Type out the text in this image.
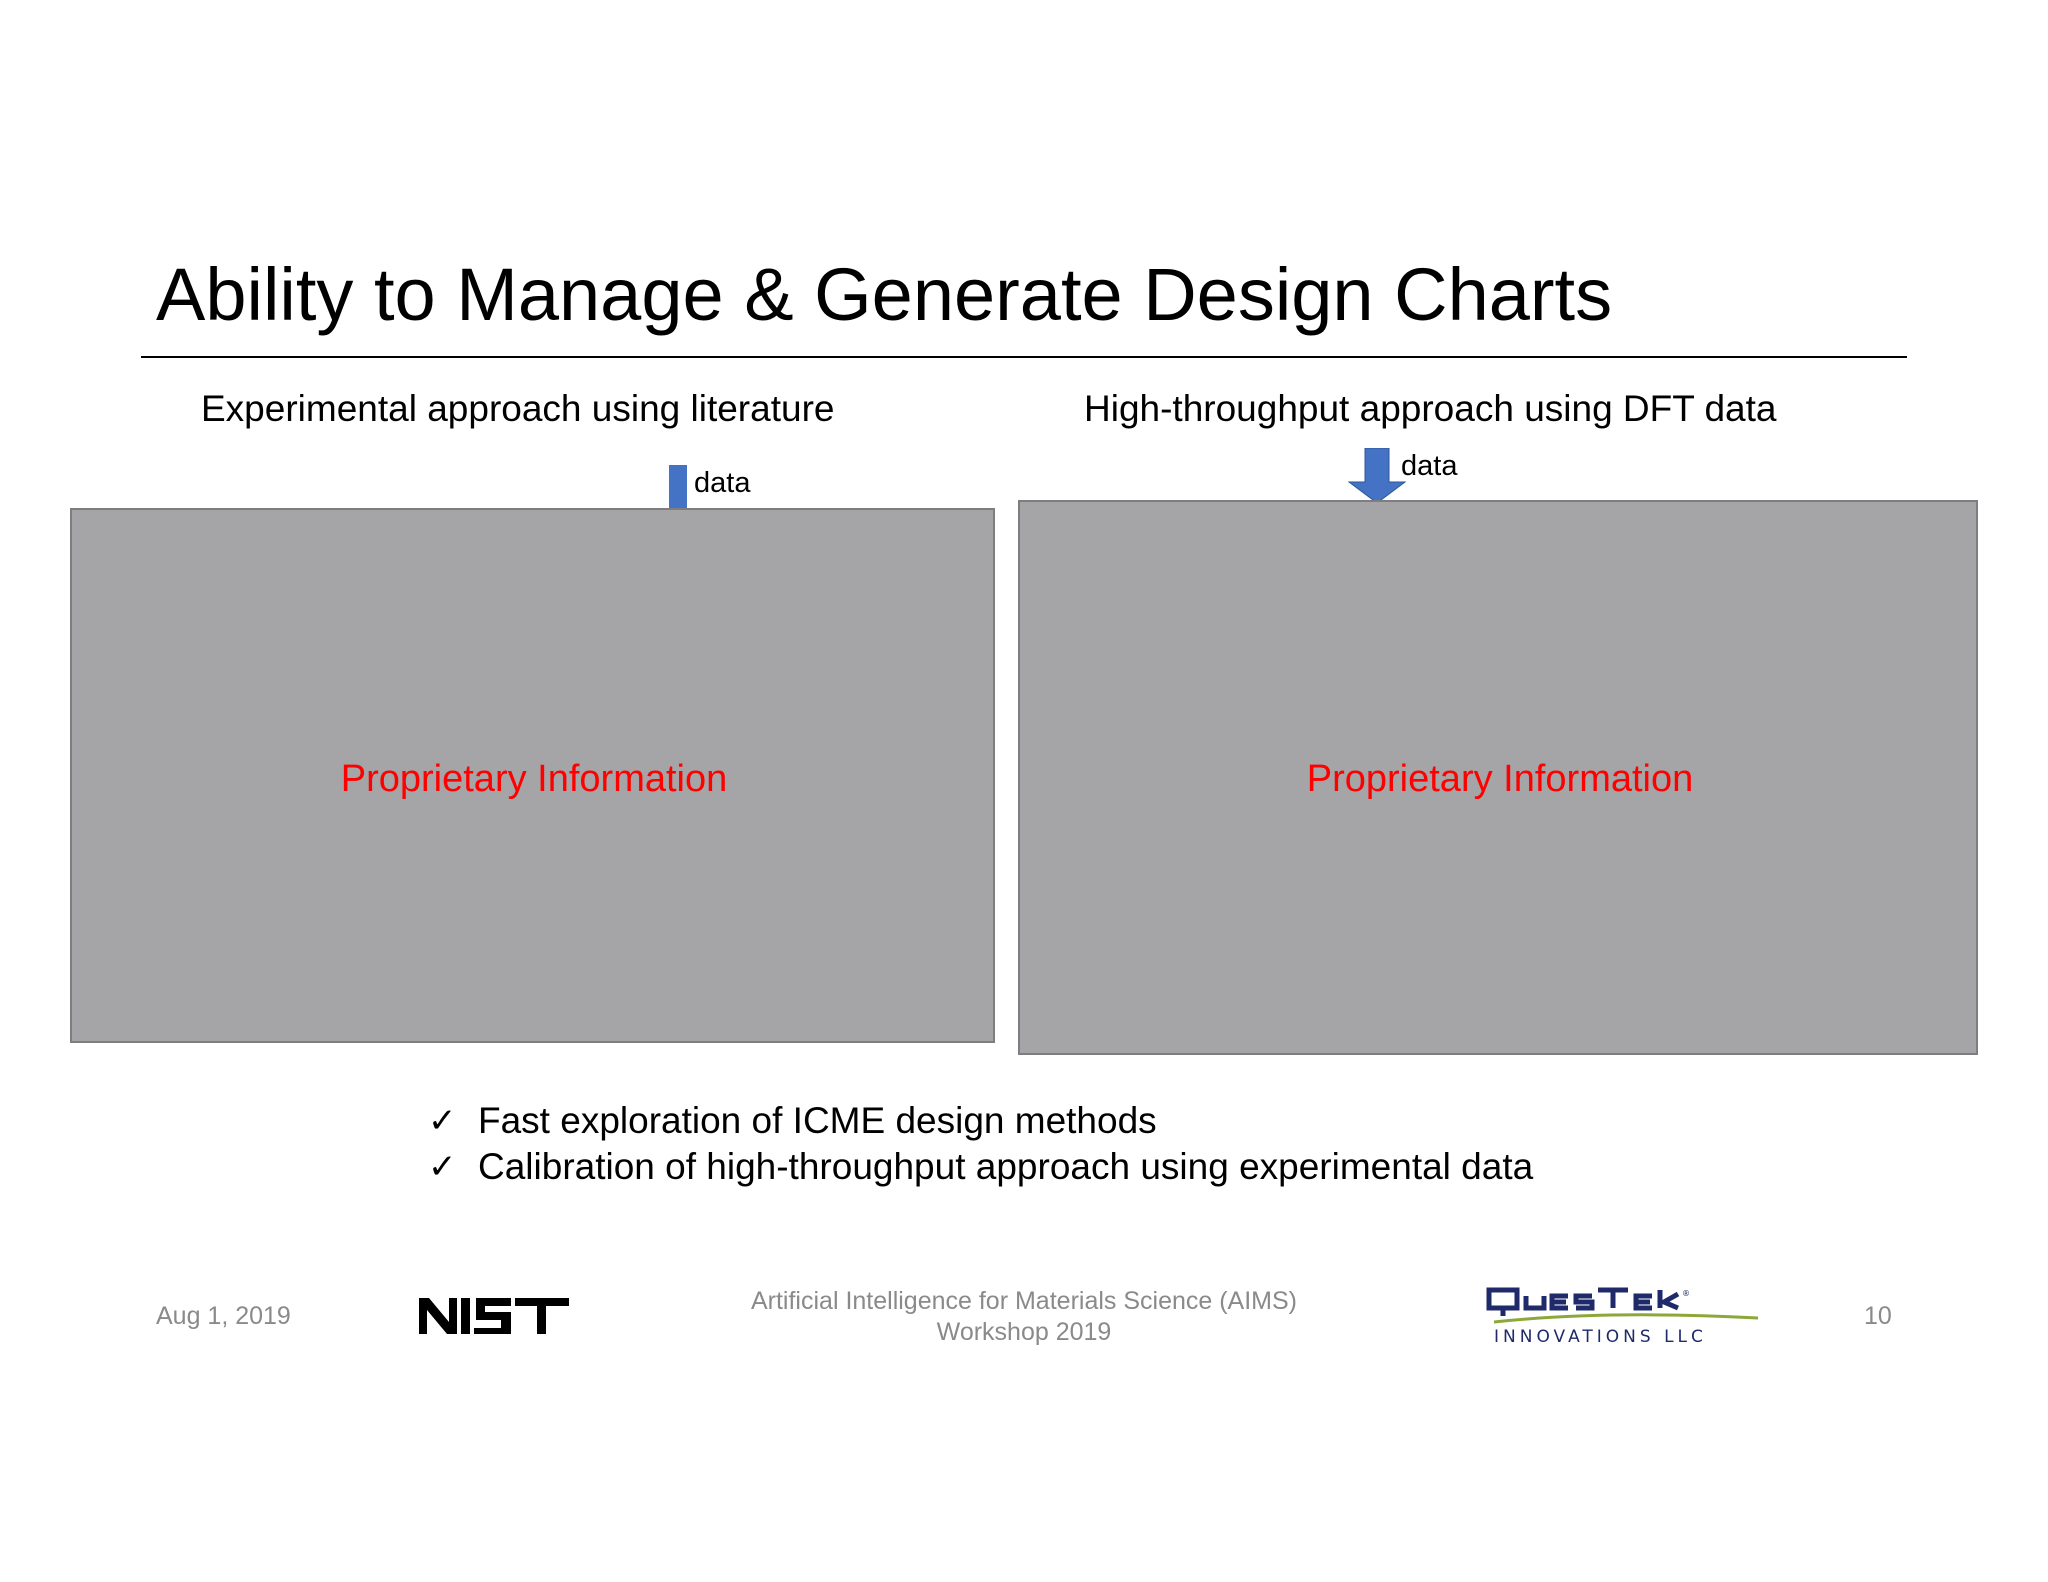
Ability to Manage & Generate Design Charts
Experimental approach using literature	High-throughput approach using DFT data
data
data
Proprietary Information	Proprietary Information
✓ Fast exploration of ICME design methods
✓ Calibration of high-throughput approach using experimental data
Aug 1, 2019
Artificial Intelligence for Materials Science (AIMS)
Workshop 2019
®
INNOVATIONS LLC
10
